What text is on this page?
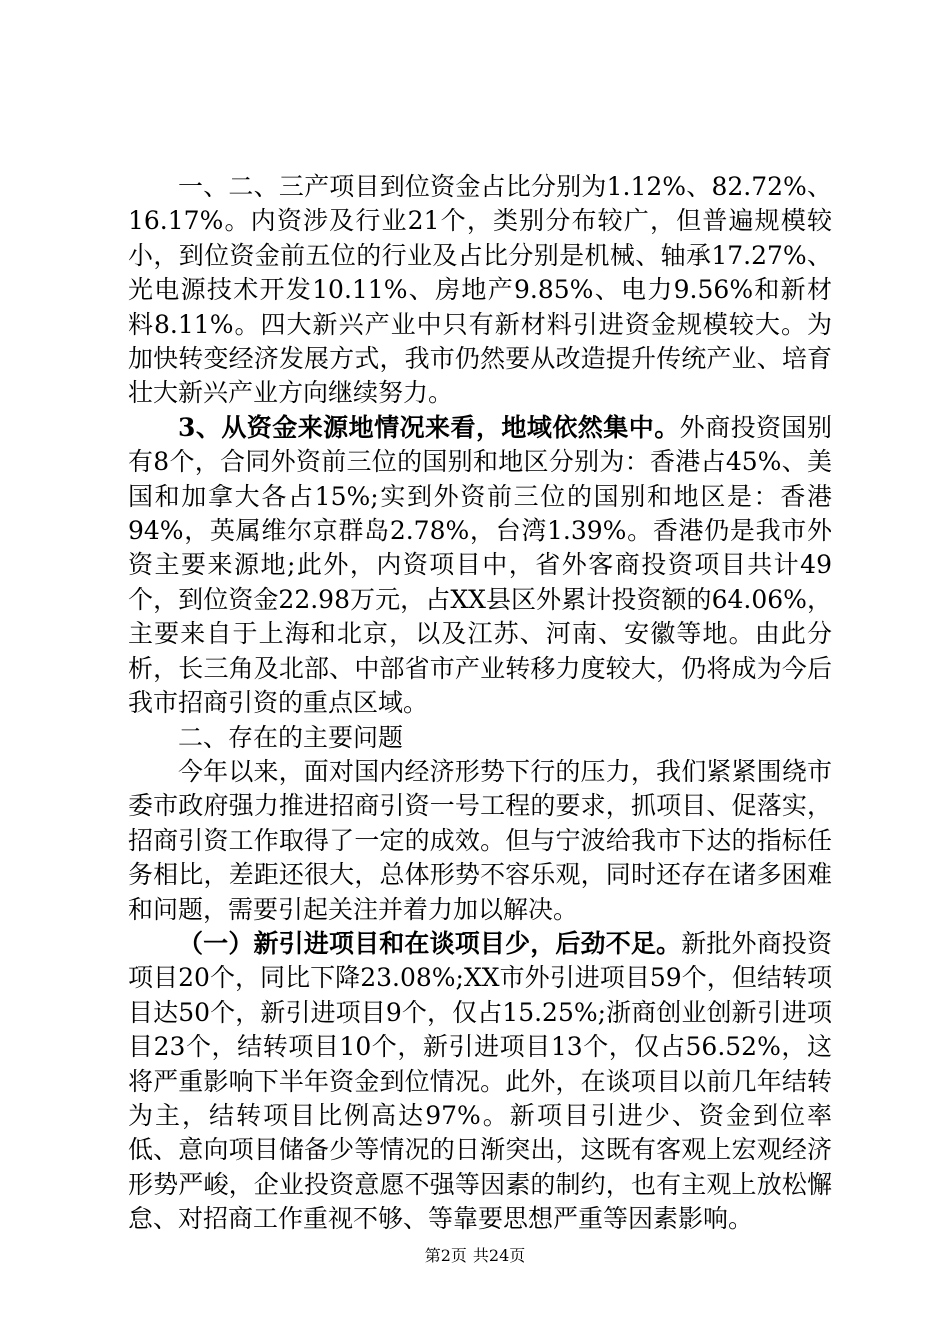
一、二、三产项目到位资金占比分别为1.12%、82.72%、16.17%。内资涉及行业21个，类别分布较广，但普遍规模较小，到位资金前五位的行业及占比分别是机械、轴承17.27%、光电源技术开发10.11%、房地产9.85%、电力9.56%和新材料8.11%。四大新兴产业中只有新材料引进资金规模较大。为加快转变经济发展方式，我市仍然要从改造提升传统产业、培育壮大新兴产业方向继续努力。

3、从资金来源地情况来看，地域依然集中。外商投资国别有8个，合同外资前三位的国别和地区分别为：香港占45%、美国和加拿大各占15%;实到外资前三位的国别和地区是：香港94%，英属维尔京群岛2.78%，台湾1.39%。香港仍是我市外资主要来源地;此外，内资项目中，省外客商投资项目共计49个，到位资金22.98万元，占XX县区外累计投资额的64.06%，主要来自于上海和北京，以及江苏、河南、安徽等地。由此分析，长三角及北部、中部省市产业转移力度较大，仍将成为今后我市招商引资的重点区域。

二、存在的主要问题

今年以来，面对国内经济形势下行的压力，我们紧紧围绕市委市政府强力推进招商引资一号工程的要求，抓项目、促落实，招商引资工作取得了一定的成效。但与宁波给我市下达的指标任务相比，差距还很大，总体形势不容乐观，同时还存在诸多困难和问题，需要引起关注并着力加以解决。

（一）新引进项目和在谈项目少，后劲不足。新批外商投资项目20个，同比下降23.08%;XX市外引进项目59个，但结转项目达50个，新引进项目9个，仅占15.25%;浙商创业创新引进项目23个，结转项目10个，新引进项目13个，仅占56.52%，这将严重影响下半年资金到位情况。此外，在谈项目以前几年结转为主，结转项目比例高达97%。新项目引进少、资金到位率低、意向项目储备少等情况的日渐突出，这既有客观上宏观经济形势严峻，企业投资意愿不强等因素的制约，也有主观上放松懈怠、对招商工作重视不够、等靠要思想严重等因素影响。

第2页 共24页
